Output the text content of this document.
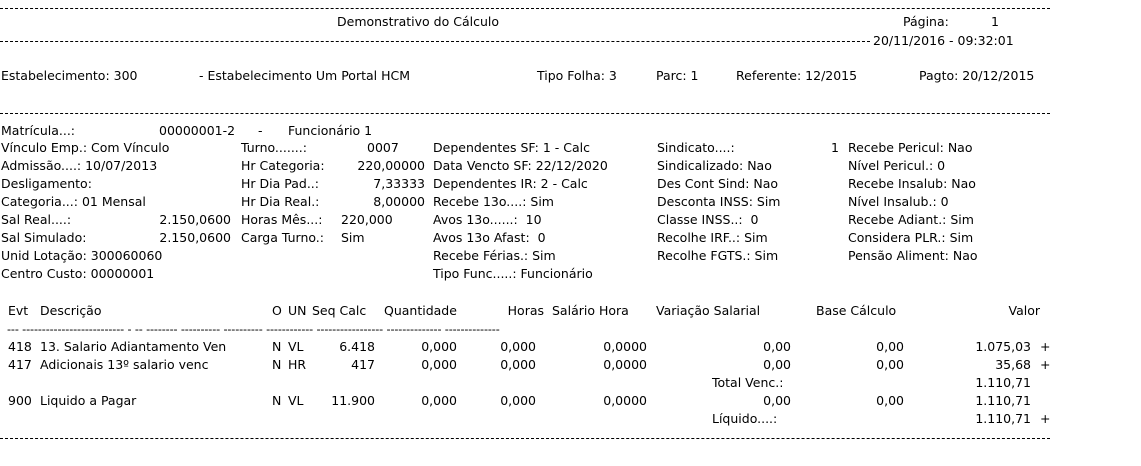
Demonstrativo do Cálculo	Página:	1
20/11/2016 - 09:32:01
Estabelecimento: 300	- Estabelecimento Um Portal HCM	Tipo Folha: 3	Parc: 1	Referente: 12/2015	Pagto: 20/12/2015
Matrícula...:	00000001-2 - Funcionário 1
Vínculo Emp.: Com Vínculo
Admissão....: 10/07/2013
Desligamento:
Categoria...: 01 Mensal
Sal Real....:	2.150,0600
Sal Simulado:	2.150,0600
Unid Lotação: 300060060
Centro Custo: 00000001
Turno.......:	0007
Hr Categoria:	220,00000
Hr Dia Pad..:	7,33333
Hr Dia Real.:	8,00000
Horas Mês...: 220,000
Carga Turno.: Sim
Dependentes SF: 1 - Calc
Data Vencto SF: 22/12/2020
Dependentes IR: 2 - Calc
Recebe 13o....: Sim
Avos 13o......:  10
Avos 13o Afast:  0
Recebe Férias.: Sim
Tipo Func.....: Funcionário
Sindicato....:	1
Sindicalizado: Nao
Des Cont Sind: Nao
Desconta INSS: Sim
Classe INSS..:  0
Recolhe IRF..: Sim
Recolhe FGTS.: Sim
Recebe Pericul: Nao
Nível Pericul.: 0
Recebe Insalub: Nao
Nível Insalub.: 0
Recebe Adiant.: Sim
Considera PLR.: Sim
Pensão Aliment: Nao
Evt Descrição	O UN Seq Calc Quantidade	Horas Salário Hora Variação Salarial	Base Cálculo	Valor
--- -------------------------- - -- -------- ---------- ---------- ------------ ----------------- -------------- --------------
418 13. Salario Adiantamento Ven	N VL	6.418	0,000	0,000	0,0000	0,00	0,00	1.075,03 +
417 Adicionais 13º salario venc	N HR	417	0,000	0,000	0,0000	0,00	0,00	35,68 +
Total Venc.:	1.110,71
900 Liquido a Pagar	N VL	11.900	0,000	0,000	0,0000	0,00	0,00	1.110,71
Líquido....:	1.110,71 +
